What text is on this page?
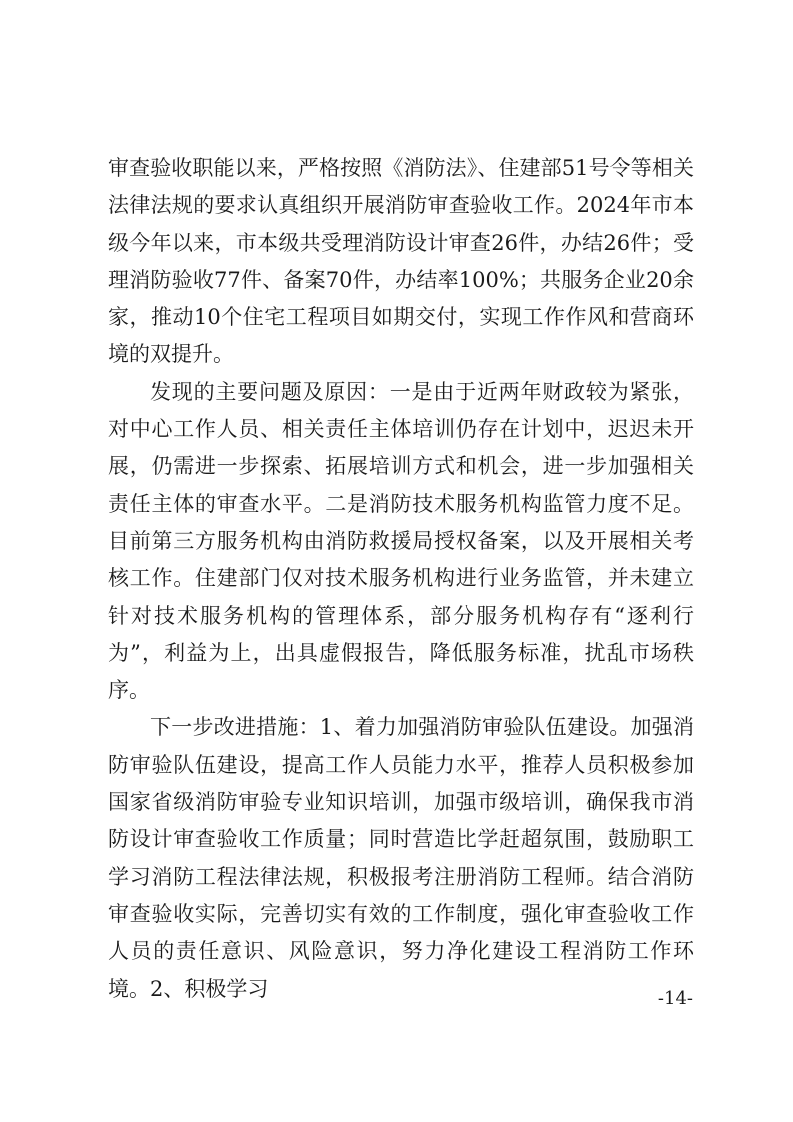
审查验收职能以来，严格按照《消防法》、住建部51号令等相关法律法规的要求认真组织开展消防审查验收工作。2024年市本级今年以来，市本级共受理消防设计审查26件，办结26件；受理消防验收77件、备案70件，办结率100%；共服务企业20余家，推动10个住宅工程项目如期交付，实现工作作风和营商环境的双提升。

发现的主要问题及原因：一是由于近两年财政较为紧张，对中心工作人员、相关责任主体培训仍存在计划中，迟迟未开展，仍需进一步探索、拓展培训方式和机会，进一步加强相关责任主体的审查水平。二是消防技术服务机构监管力度不足。目前第三方服务机构由消防救援局授权备案，以及开展相关考核工作。住建部门仅对技术服务机构进行业务监管，并未建立针对技术服务机构的管理体系，部分服务机构存有“逐利行为”，利益为上，出具虚假报告，降低服务标准，扰乱市场秩序。

下一步改进措施：1、着力加强消防审验队伍建设。加强消防审验队伍建设，提高工作人员能力水平，推荐人员积极参加国家省级消防审验专业知识培训，加强市级培训，确保我市消防设计审查验收工作质量；同时营造比学赶超氛围，鼓励职工学习消防工程法律法规，积极报考注册消防工程师。结合消防审查验收实际，完善切实有效的工作制度，强化审查验收工作人员的责任意识、风险意识，努力净化建设工程消防工作环境。2、积极学习	-14-
